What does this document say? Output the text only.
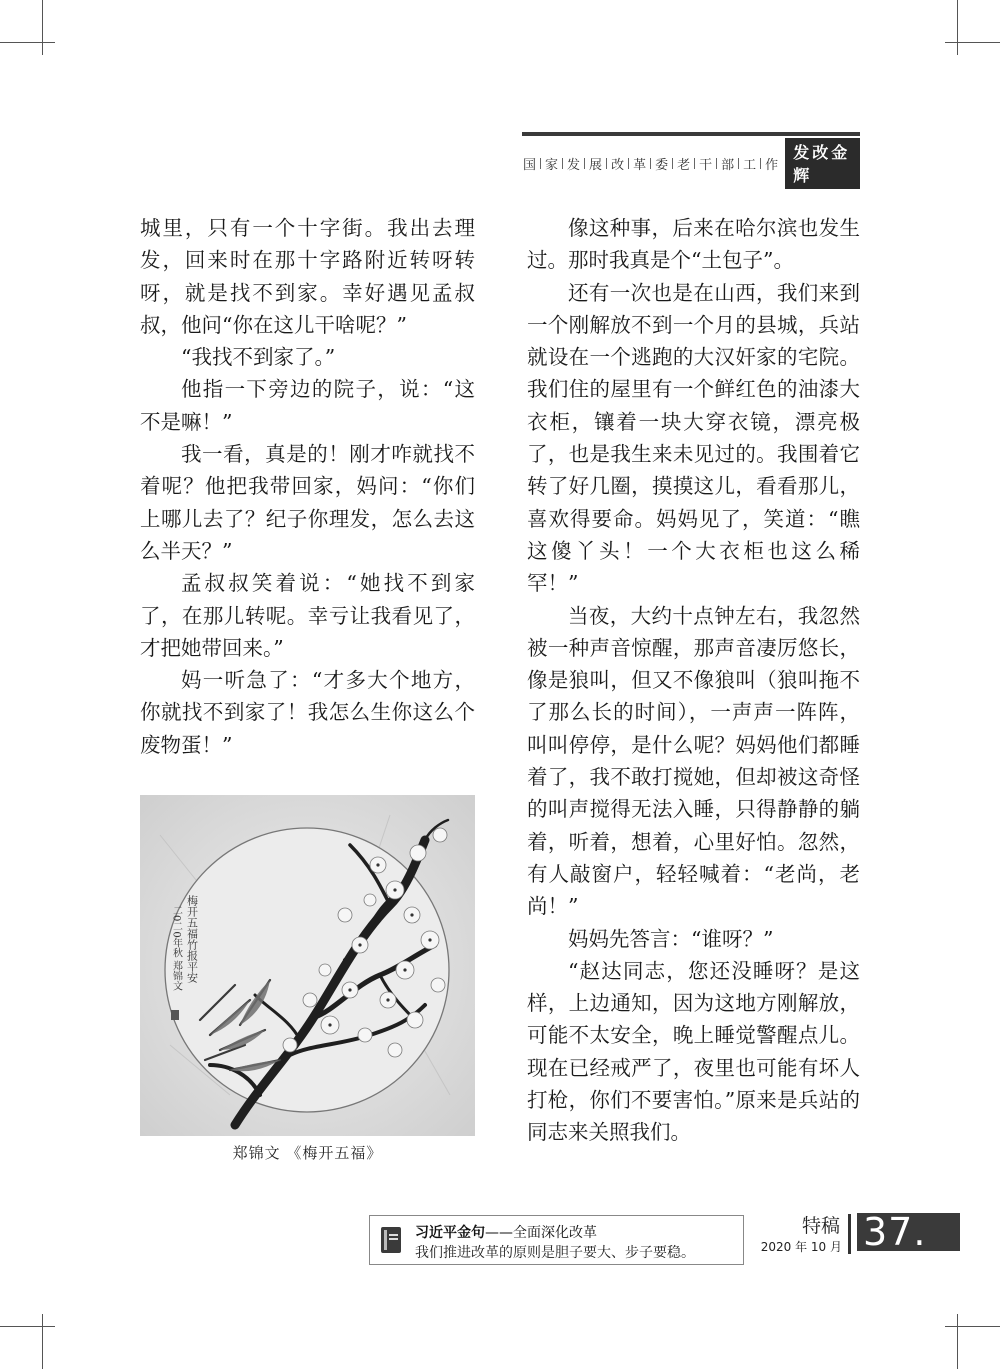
国 家 发 展 改 革 委 老 干 部 工 作
发改金辉

城里，只有一个十字街。我出去理发，回来时在那十字路附近转呀转呀，就是找不到家。幸好遇见孟叔叔，他问“你在这儿干啥呢？”

“我找不到家了。”

他指一下旁边的院子，说：“这不是嘛！”

我一看，真是的！刚才咋就找不着呢？他把我带回家，妈问：“你们上哪儿去了？纪子你理发，怎么去这么半天？”

孟叔叔笑着说：“她找不到家了，在那儿转呢。幸亏让我看见了，才把她带回来。”

妈一听急了：“才多大个地方，你就找不到家了！我怎么生你这么个废物蛋！”

像这种事，后来在哈尔滨也发生过。那时我真是个“土包子”。

还有一次也是在山西，我们来到一个刚解放不到一个月的县城，兵站就设在一个逃跑的大汉奸家的宅院。我们住的屋里有一个鲜红色的油漆大衣柜，镶着一块大穿衣镜，漂亮极了，也是我生来未见过的。我围着它转了好几圈，摸摸这儿，看看那儿，喜欢得要命。妈妈见了，笑道：“瞧这傻丫头！一个大衣柜也这么稀罕！”

当夜，大约十点钟左右，我忽然被一种声音惊醒，那声音凄厉悠长，像是狼叫，但又不像狼叫（狼叫拖不了那么长的时间），一声声一阵阵，叫叫停停，是什么呢？妈妈他们都睡着了，我不敢打搅她，但却被这奇怪的叫声搅得无法入睡，只得静静的躺着，听着，想着，心里好怕。忽然，有人敲窗户，轻轻喊着：“老尚，老尚！”

妈妈先答言：“谁呀？”

“赵达同志，您还没睡呀？是这样，上边通知，因为这地方刚解放，可能不太安全，晚上睡觉警醒点儿。现在已经戒严了，夜里也可能有坏人打枪，你们不要害怕。”原来是兵站的同志来关照我们。

梅开五福竹报平安
二0二0年秋 郑锦文
郑锦文 《梅开五福》
习近平金句——全面深化改革
我们推进改革的原则是胆子要大、步子要稳。
特稿
2020 年 10 月 37.
